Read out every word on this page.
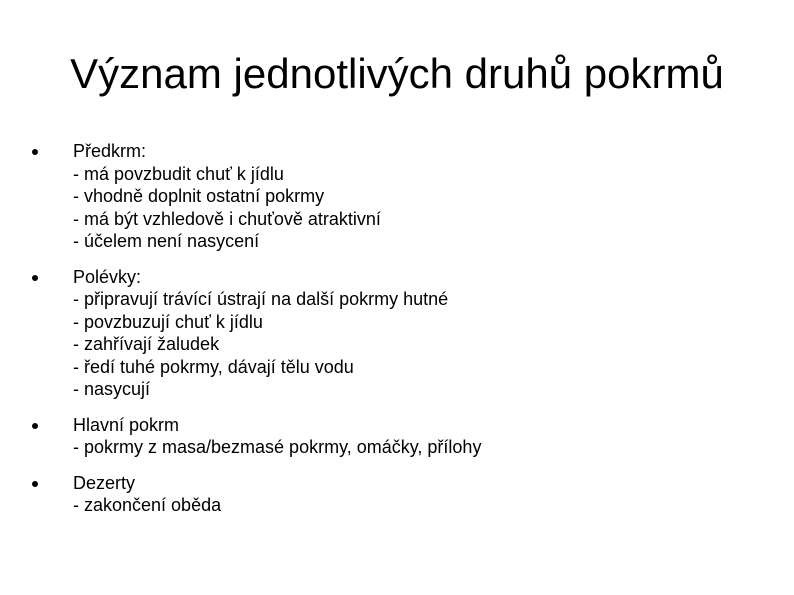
Význam jednotlivých druhů pokrmů
Předkrm:
- má povzbudit chuť k jídlu
- vhodně doplnit ostatní pokrmy
- má být vzhledově i chuťově atraktivní
- účelem není nasycení
Polévky:
- připravují trávící ústrají na další pokrmy hutné
- povzbuzují chuť k jídlu
- zahřívají žaludek
- ředí tuhé pokrmy, dávají tělu vodu
- nasycují
Hlavní pokrm
- pokrmy z masa/bezmasé pokrmy, omáčky, přílohy
Dezerty
- zakončení oběda
